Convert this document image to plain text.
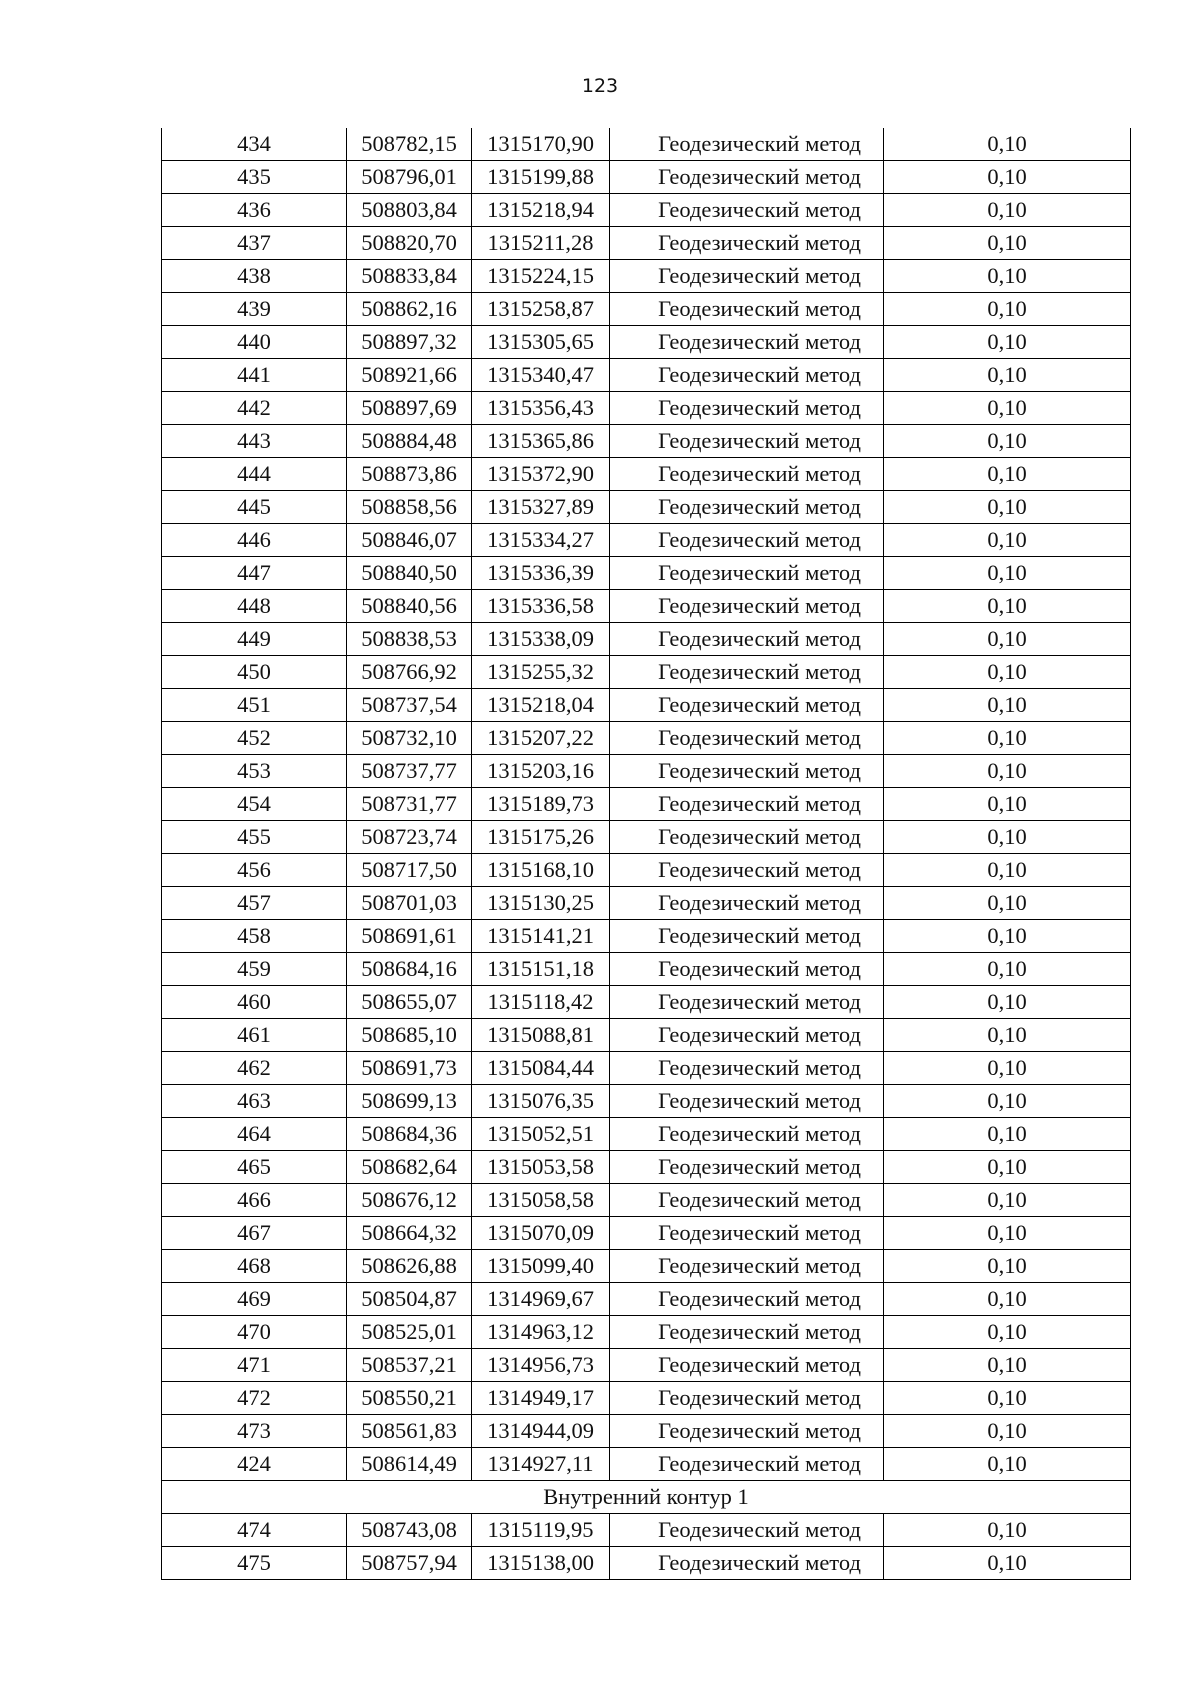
123
434	508782,15	1315170,90	Геодезический метод	0,10
435	508796,01	1315199,88	Геодезический метод	0,10
436	508803,84	1315218,94	Геодезический метод	0,10
437	508820,70	1315211,28	Геодезический метод	0,10
438	508833,84	1315224,15	Геодезический метод	0,10
439	508862,16	1315258,87	Геодезический метод	0,10
440	508897,32	1315305,65	Геодезический метод	0,10
441	508921,66	1315340,47	Геодезический метод	0,10
442	508897,69	1315356,43	Геодезический метод	0,10
443	508884,48	1315365,86	Геодезический метод	0,10
444	508873,86	1315372,90	Геодезический метод	0,10
445	508858,56	1315327,89	Геодезический метод	0,10
446	508846,07	1315334,27	Геодезический метод	0,10
447	508840,50	1315336,39	Геодезический метод	0,10
448	508840,56	1315336,58	Геодезический метод	0,10
449	508838,53	1315338,09	Геодезический метод	0,10
450	508766,92	1315255,32	Геодезический метод	0,10
451	508737,54	1315218,04	Геодезический метод	0,10
452	508732,10	1315207,22	Геодезический метод	0,10
453	508737,77	1315203,16	Геодезический метод	0,10
454	508731,77	1315189,73	Геодезический метод	0,10
455	508723,74	1315175,26	Геодезический метод	0,10
456	508717,50	1315168,10	Геодезический метод	0,10
457	508701,03	1315130,25	Геодезический метод	0,10
458	508691,61	1315141,21	Геодезический метод	0,10
459	508684,16	1315151,18	Геодезический метод	0,10
460	508655,07	1315118,42	Геодезический метод	0,10
461	508685,10	1315088,81	Геодезический метод	0,10
462	508691,73	1315084,44	Геодезический метод	0,10
463	508699,13	1315076,35	Геодезический метод	0,10
464	508684,36	1315052,51	Геодезический метод	0,10
465	508682,64	1315053,58	Геодезический метод	0,10
466	508676,12	1315058,58	Геодезический метод	0,10
467	508664,32	1315070,09	Геодезический метод	0,10
468	508626,88	1315099,40	Геодезический метод	0,10
469	508504,87	1314969,67	Геодезический метод	0,10
470	508525,01	1314963,12	Геодезический метод	0,10
471	508537,21	1314956,73	Геодезический метод	0,10
472	508550,21	1314949,17	Геодезический метод	0,10
473	508561,83	1314944,09	Геодезический метод	0,10
424	508614,49	1314927,11	Геодезический метод	0,10
Внутренний контур 1				
474	508743,08	1315119,95	Геодезический метод	0,10
475	508757,94	1315138,00	Геодезический метод	0,10
